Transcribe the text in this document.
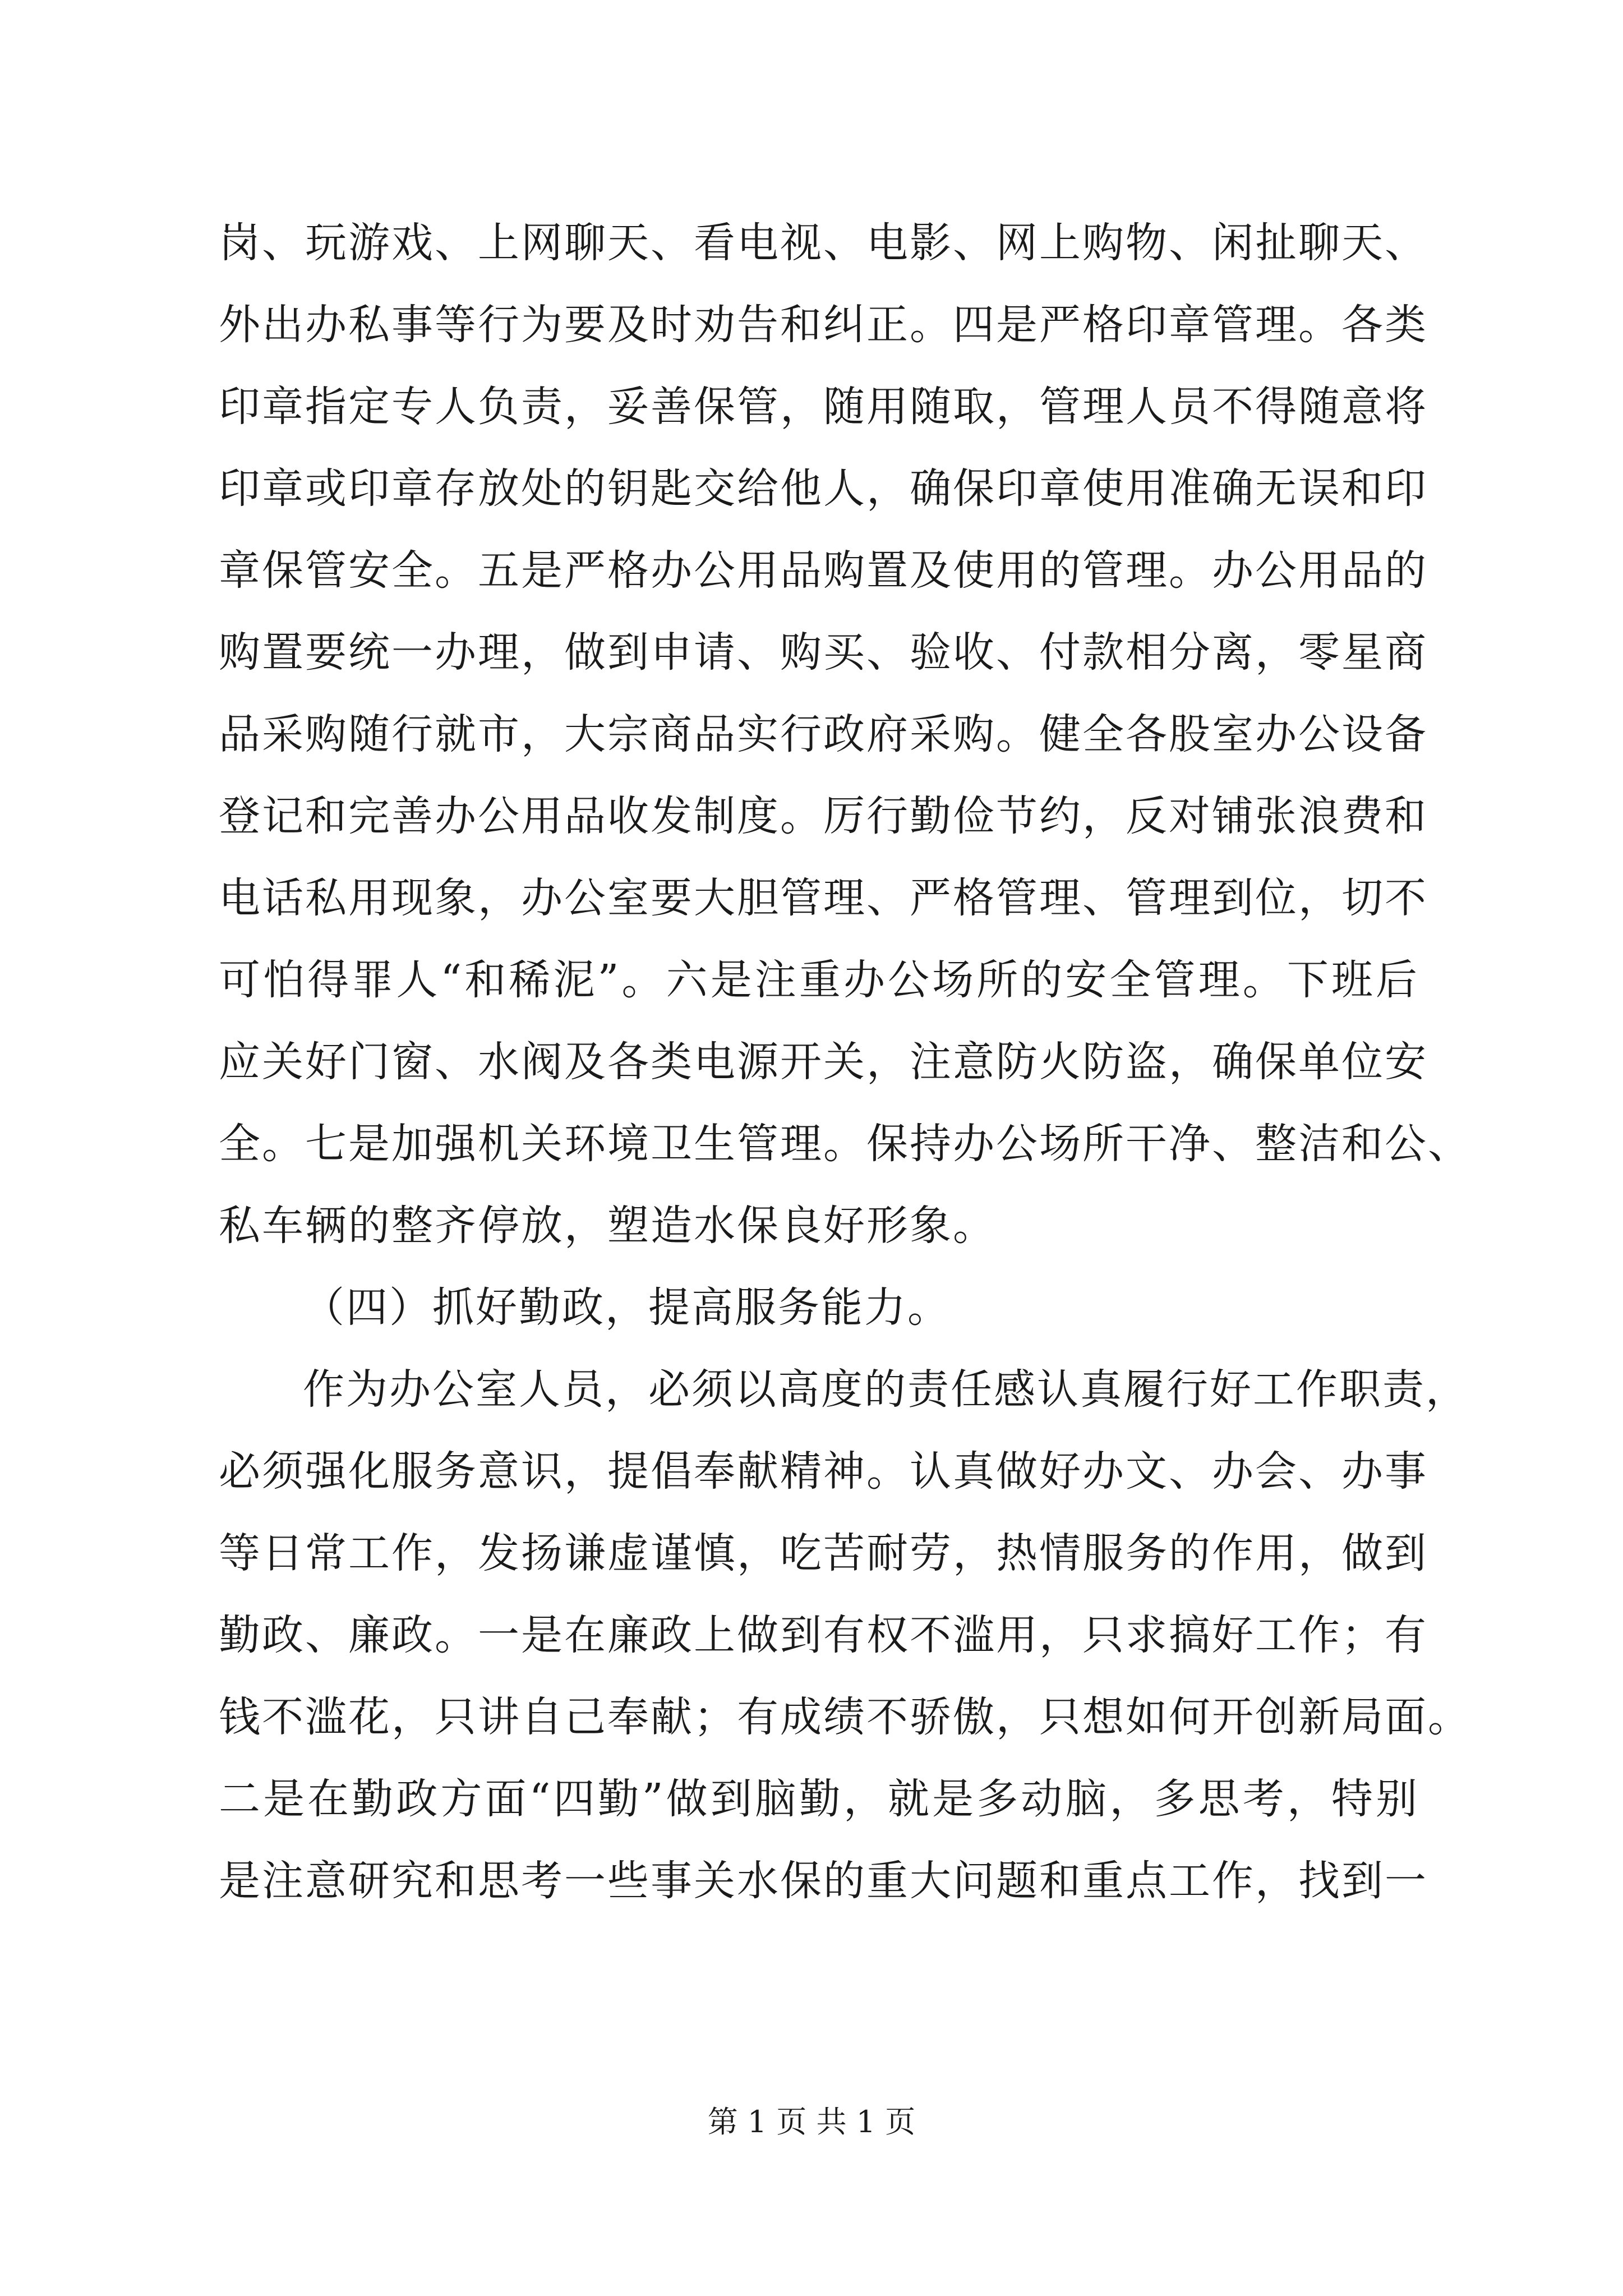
岗、玩游戏、上网聊天、看电视、电影、网上购物、闲扯聊天、
外出办私事等行为要及时劝告和纠正。四是严格印章管理。各类
印章指定专人负责，妥善保管，随用随取，管理人员不得随意将
印章或印章存放处的钥匙交给他人，确保印章使用准确无误和印
章保管安全。五是严格办公用品购置及使用的管理。办公用品的
购置要统一办理，做到申请、购买、验收、付款相分离，零星商
品采购随行就市，大宗商品实行政府采购。健全各股室办公设备
登记和完善办公用品收发制度。厉行勤俭节约，反对铺张浪费和
电话私用现象，办公室要大胆管理、严格管理、管理到位，切不
可怕得罪人“和稀泥”。六是注重办公场所的安全管理。下班后
应关好门窗、水阀及各类电源开关，注意防火防盗，确保单位安
全。七是加强机关环境卫生管理。保持办公场所干净、整洁和公、
私车辆的整齐停放，塑造水保良好形象。
（四）抓好勤政，提高服务能力。
作为办公室人员，必须以高度的责任感认真履行好工作职责，
必须强化服务意识，提倡奉献精神。认真做好办文、办会、办事
等日常工作，发扬谦虚谨慎，吃苦耐劳，热情服务的作用，做到
勤政、廉政。一是在廉政上做到有权不滥用，只求搞好工作；有
钱不滥花，只讲自己奉献；有成绩不骄傲，只想如何开创新局面。
二是在勤政方面“四勤”做到脑勤，就是多动脑，多思考，特别
是注意研究和思考一些事关水保的重大问题和重点工作，找到一
第 1 页 共 1 页
